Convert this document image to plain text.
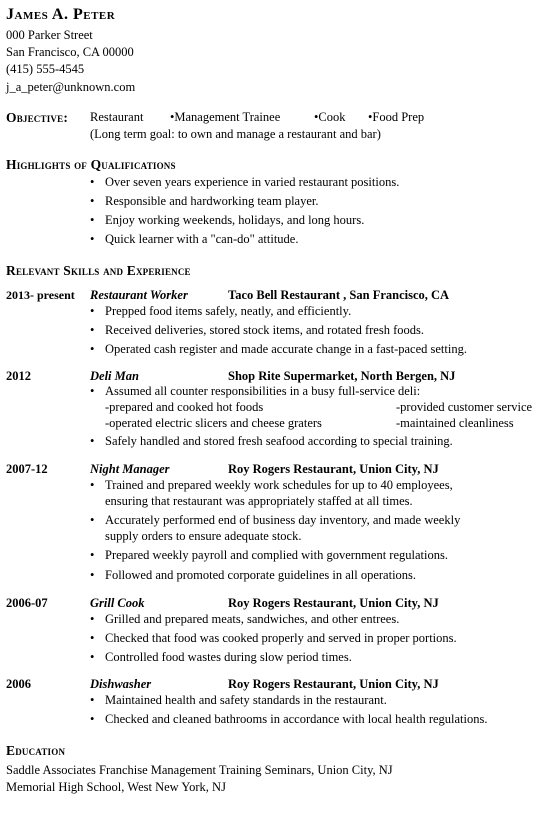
James A. Peter
000 Parker Street
San Francisco, CA 00000
(415) 555-4545
j_a_peter@unknown.com
Objective: Restaurant •Management Trainee	•Cook •Food Prep
(Long term goal: to own and manage a restaurant and bar)
Highlights of Qualifications
• Over seven years experience in varied restaurant positions.
• Responsible and hardworking team player.
• Enjoy working weekends, holidays, and long hours.
• Quick learner with a "can-do" attitude.
Relevant Skills and Experience
2013- present Restaurant Worker	Taco Bell Restaurant , San Francisco, CA
• Prepped food items safely, neatly, and efficiently.
• Received deliveries, stored stock items, and rotated fresh foods.
• Operated cash register and made accurate change in a fast-paced setting.
2012	Deli Man	Shop Rite Supermarket, North Bergen, NJ
• Assumed all counter responsibilities in a busy full-service deli:
-prepared and cooked hot foods	-provided customer service
-operated electric slicers and cheese graters	-maintained cleanliness
• Safely handled and stored fresh seafood according to special training.
2007-12	Night Manager	Roy Rogers Restaurant, Union City, NJ
• Trained and prepared weekly work schedules for up to 40 employees,
ensuring that restaurant was appropriately staffed at all times.
• Accurately performed end of business day inventory, and made weekly
supply orders to ensure adequate stock.
• Prepared weekly payroll and complied with government regulations.
• Followed and promoted corporate guidelines in all operations.
2006-07	Grill Cook	Roy Rogers Restaurant, Union City, NJ
• Grilled and prepared meats, sandwiches, and other entrees.
• Checked that food was cooked properly and served in proper portions.
• Controlled food wastes during slow period times.
2006	Dishwasher	Roy Rogers Restaurant, Union City, NJ
• Maintained health and safety standards in the restaurant.
• Checked and cleaned bathrooms in accordance with local health regulations.
Education
Saddle Associates Franchise Management Training Seminars, Union City, NJ
Memorial High School, West New York, NJ
